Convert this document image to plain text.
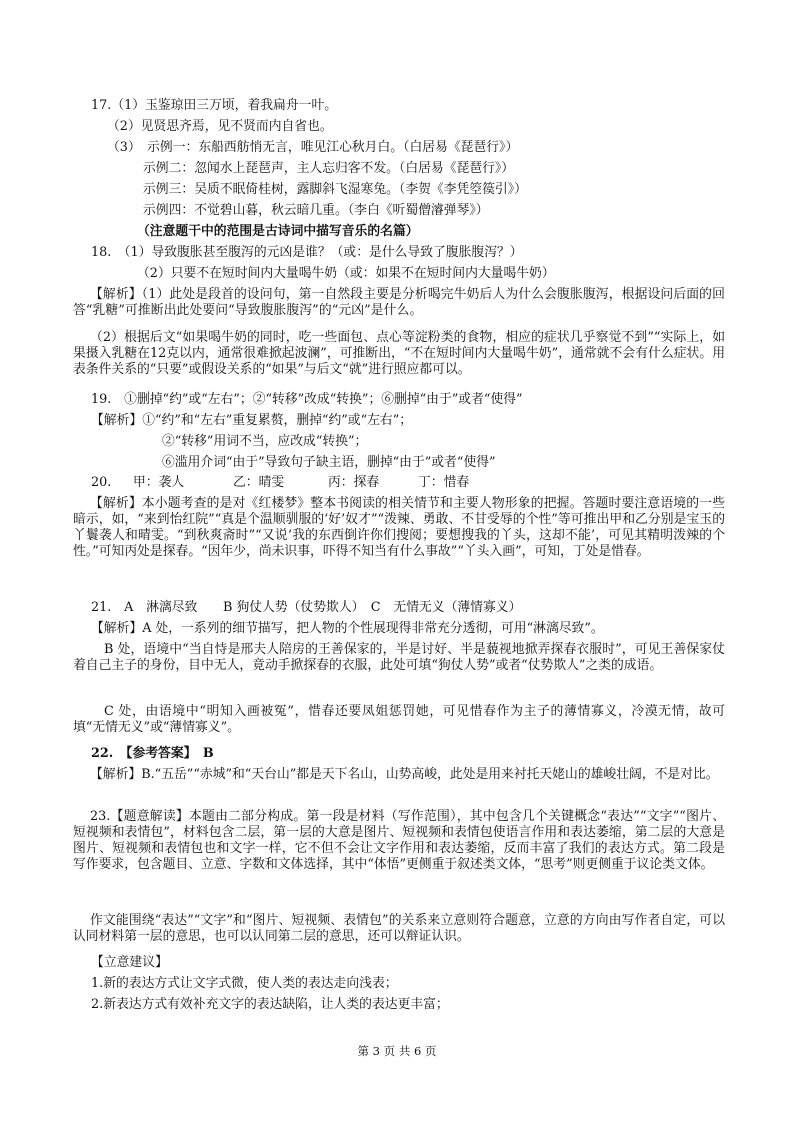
17.（1）玉鉴琼田三万顷，着我扁舟一叶。
（2）见贤思齐焉，见不贤而内自省也。
（3）　示例一：东船西舫悄无言，唯见江心秋月白。（白居易《琵琶行》）
示例二：忽闻水上琵琶声，主人忘归客不发。（白居易《琵琶行》）
示例三：吴质不眠倚桂树，露脚斜飞湿寒兔。（李贺《李凭箜篌引》）
示例四：不觉碧山暮，秋云暗几重。（李白《听蜀僧濬弹琴》）
（注意题干中的范围是古诗词中描写音乐的名篇）
18.　（1）导致腹胀甚至腹泻的元凶是谁？（或：是什么导致了腹胀腹泻？）
（2）只要不在短时间内大量喝牛奶（或：如果不在短时间内大量喝牛奶）
【解析】（1）此处是段首的设问句，第一自然段主要是分析喝完牛奶后人为什么会腹胀腹泻，根据设问后面的回答“乳糖”可推断出此处要问“导致腹胀腹泻”的“元凶”是什么。
（2）根据后文“如果喝牛奶的同时，吃一些面包、点心等淀粉类的食物，相应的症状几乎察觉不到”“实际上，如果摄入乳糖在12克以内，通常很难掀起波澜”，可推断出，“不在短时间内大量喝牛奶”，通常就不会有什么症状。用表条件关系的“只要”或假设关系的“如果”与后文“就”进行照应都可以。
19.　①删掉“约”或“左右”；②“转移”改成“转换”；⑥删掉“由于”或者“使得”
【解析】①“约”和“左右”重复累赘，删掉“约”或“左右”；
②“转移”用词不当，应改成“转换”；
⑥滥用介词“由于”导致句子缺主语，删掉“由于”或者“使得”
20. 甲：袭人	乙：晴雯	丙：探春	丁：惜春
【解析】本小题考查的是对《红楼梦》整本书阅读的相关情节和主要人物形象的把握。答题时要注意语境的一些暗示，如，“来到怡红院”“真是个温顺驯服的‘好’奴才”“泼辣、勇敢、不甘受辱的个性”等可推出甲和乙分别是宝玉的丫鬟袭人和晴雯。“到秋爽斋时”“又说‘我的东西倒许你们搜阅；要想搜我的丫头，这却不能’，可见其精明泼辣的个性。”可知丙处是探春。“因年少，尚未识事，吓得不知当有什么事故”“丫头入画”，可知，丁处是惜春。
21.　A　淋漓尽致　　B 狗仗人势（仗势欺人）　C　无情无义（薄情寡义）
【解析】A 处，一系列的细节描写，把人物的个性展现得非常充分透彻，可用“淋漓尽致”。
B 处，语境中“当自恃是邢夫人陪房的王善保家的，半是讨好、半是藐视地掀弄探春衣服时”，可见王善保家仗着自己主子的身份，目中无人，竟动手掀探春的衣服，此处可填“狗仗人势”或者“仗势欺人”之类的成语。
C 处，由语境中“明知入画被冤”，惜春还要凤姐惩罚她，可见惜春作为主子的薄情寡义，冷漠无情，故可填“无情无义”或“薄情寡义”。
22.　【参考答案】　B
【解析】B.“五岳”“赤城”和“天台山”都是天下名山，山势高峻，此处是用来衬托天姥山的雄峻壮阔，不是对比。
23.【题意解读】本题由二部分构成。第一段是材料（写作范围），其中包含几个关键概念“表达”“文字”“图片、短视频和表情包”，材料包含二层，第一层的大意是图片、短视频和表情包使语言作用和表达萎缩，第二层的大意是图片、短视频和表情包也和文字一样，它不但不会让文字作用和表达萎缩，反而丰富了我们的表达方式。第二段是写作要求，包含题目、立意、字数和文体选择，其中“体悟”更侧重于叙述类文体，“思考”则更侧重于议论类文体。
作文能围绕“表达”“文字”和“图片、短视频、表情包”的关系来立意则符合题意，立意的方向由写作者自定，可以认同材料第一层的意思，也可以认同第二层的意思，还可以辩证认识。
【立意建议】
1.新的表达方式让文字式微，使人类的表达走向浅表；
2.新表达方式有效补充文字的表达缺陷，让人类的表达更丰富；
第 3 页 共 6 页
